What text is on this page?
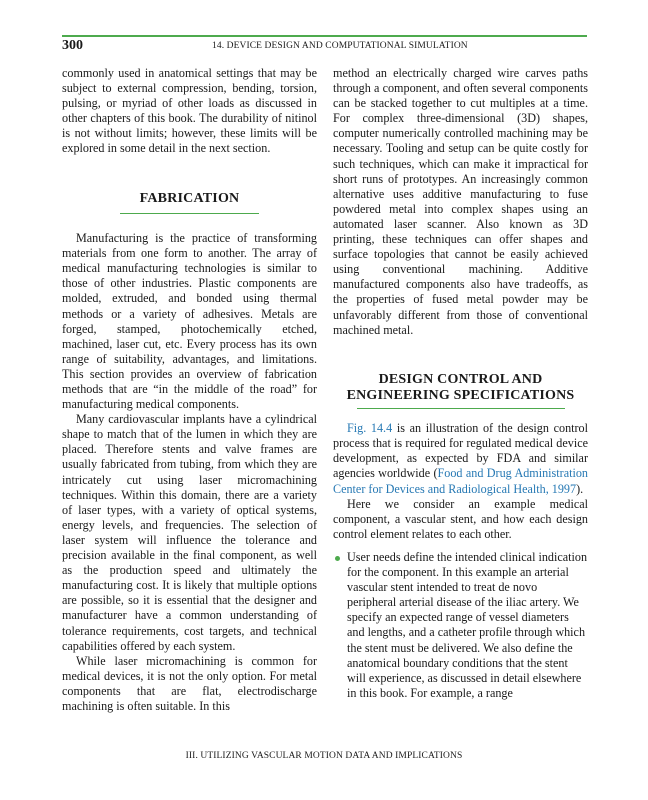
300	14. DEVICE DESIGN AND COMPUTATIONAL SIMULATION

commonly used in anatomical settings that may be subject to external compression, bending, torsion, pulsing, or myriad of other loads as discussed in other chapters of this book. The durability of nitinol is not without limits; however, these limits will be explored in some detail in the next section.

FABRICATION

Manufacturing is the practice of transforming materials from one form to another. The array of medical manufacturing technologies is similar to those of other industries. Plastic components are molded, extruded, and bonded using thermal methods or a variety of adhesives. Metals are forged, stamped, photochemically etched, machined, laser cut, etc. Every process has its own range of suitability, advantages, and limitations. This section provides an overview of fabrication methods that are “in the middle of the road” for manufacturing medical components.

Many cardiovascular implants have a cylindrical shape to match that of the lumen in which they are placed. Therefore stents and valve frames are usually fabricated from tubing, from which they are intricately cut using laser micromachining techniques. Within this domain, there are a variety of laser types, with a variety of optical systems, energy levels, and frequencies. The selection of laser system will influence the tolerance and precision available in the final component, as well as the production speed and ultimately the manufacturing cost. It is likely that multiple options are possible, so it is essential that the designer and manufacturer have a common understanding of tolerance requirements, cost targets, and technical capabilities offered by each system.

While laser micromachining is common for medical devices, it is not the only option. For metal components that are flat, electrodischarge machining is often suitable. In this

method an electrically charged wire carves paths through a component, and often several components can be stacked together to cut multiples at a time. For complex three-dimensional (3D) shapes, computer numerically controlled machining may be necessary. Tooling and setup can be quite costly for such techniques, which can make it impractical for short runs of prototypes. An increasingly common alternative uses additive manufacturing to fuse powdered metal into complex shapes using an automated laser scanner. Also known as 3D printing, these techniques can offer shapes and surface topologies that cannot be easily achieved using conventional machining. Additive manufactured components also have tradeoffs, as the properties of fused metal powder may be unfavorably different from those of conventional machined metal.

DESIGN CONTROL AND
ENGINEERING SPECIFICATIONS

Fig. 14.4 is an illustration of the design control process that is required for regulated medical device development, as expected by FDA and similar agencies worldwide (Food and Drug Administration Center for Devices and Radiological Health, 1997).

Here we consider an example medical component, a vascular stent, and how each design control element relates to each other.

User needs define the intended clinical indication for the component. In this example an arterial vascular stent intended to treat de novo peripheral arterial disease of the iliac artery. We specify an expected range of vessel diameters and lengths, and a catheter profile through which the stent must be delivered. We also define the anatomical boundary conditions that the stent will experience, as discussed in detail elsewhere in this book. For example, a range

III. UTILIZING VASCULAR MOTION DATA AND IMPLICATIONS
